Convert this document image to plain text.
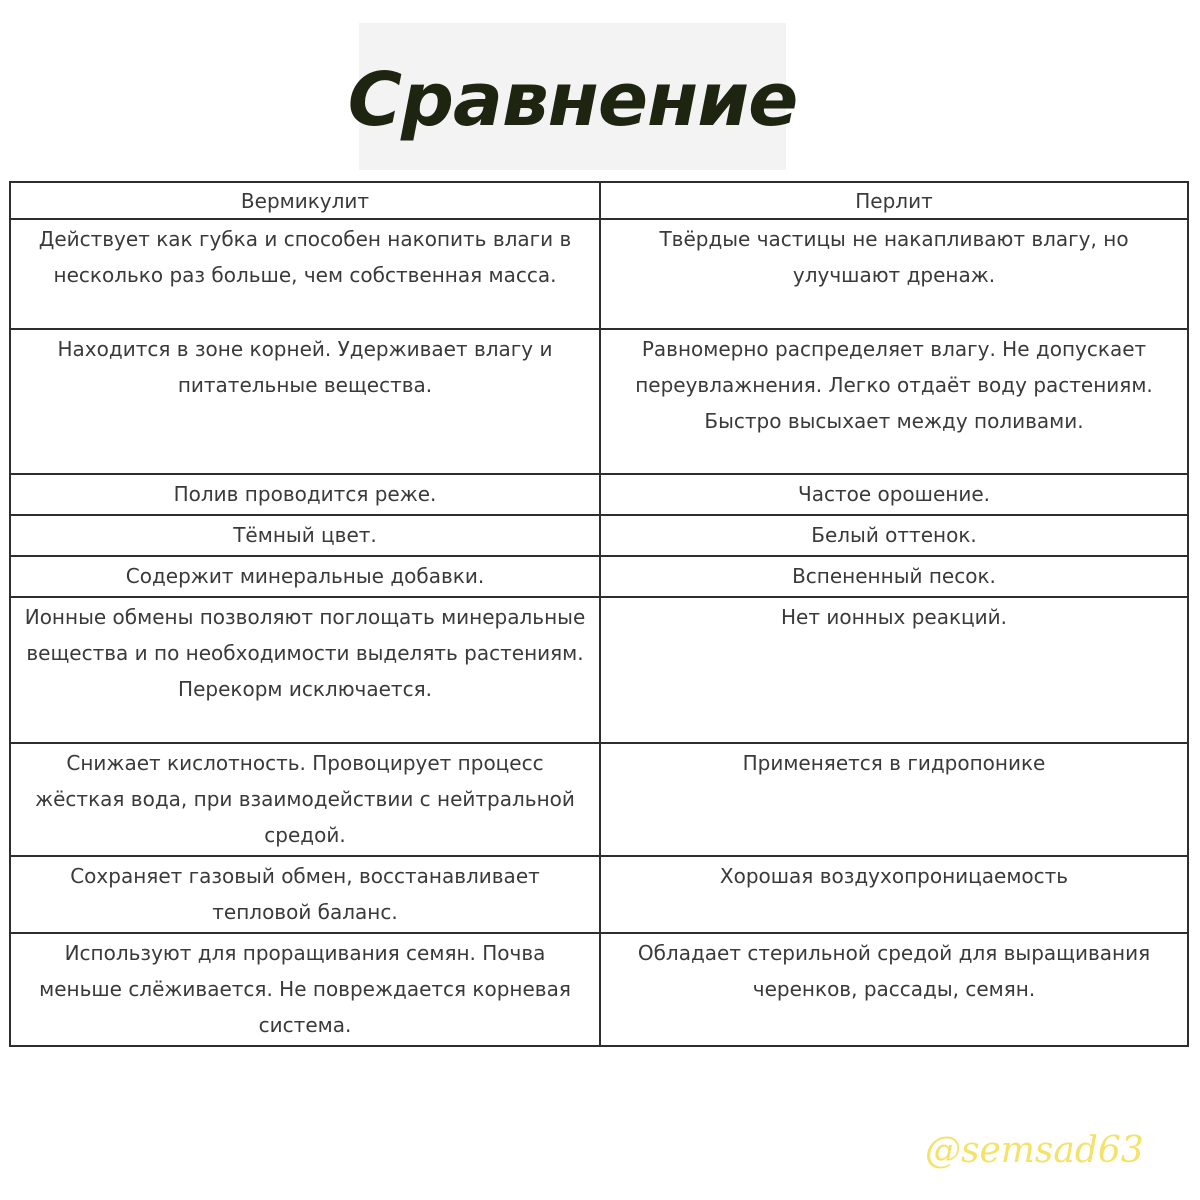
Сравнение
Вермикулит	Перлит
Действует как губка и способен накопить влаги в несколько раз больше, чем собственная масса.	Твёрдые частицы не накапливают влагу, но улучшают дренаж.
Находится в зоне корней. Удерживает влагу и питательные вещества.	Равномерно распределяет влагу. Не допускает переувлажнения. Легко отдаёт воду растениям. Быстро высыхает между поливами.
Полив проводится реже.	Частое орошение.
Тёмный цвет.	Белый оттенок.
Содержит минеральные добавки.	Вспененный песок.
Ионные обмены позволяют поглощать минеральные вещества и по необходимости выделять растениям. Перекорм исключается.	Нет ионных реакций.
Снижает кислотность. Провоцирует процесс жёсткая вода, при взаимодействии с нейтральной средой.	Применяется в гидропонике
Сохраняет газовый обмен, восстанавливает тепловой баланс.	Хорошая воздухопроницаемость
Используют для проращивания семян. Почва меньше слёживается. Не повреждается корневая система.	Обладает стерильной средой для выращивания черенков, рассады, семян.
@semsad63
